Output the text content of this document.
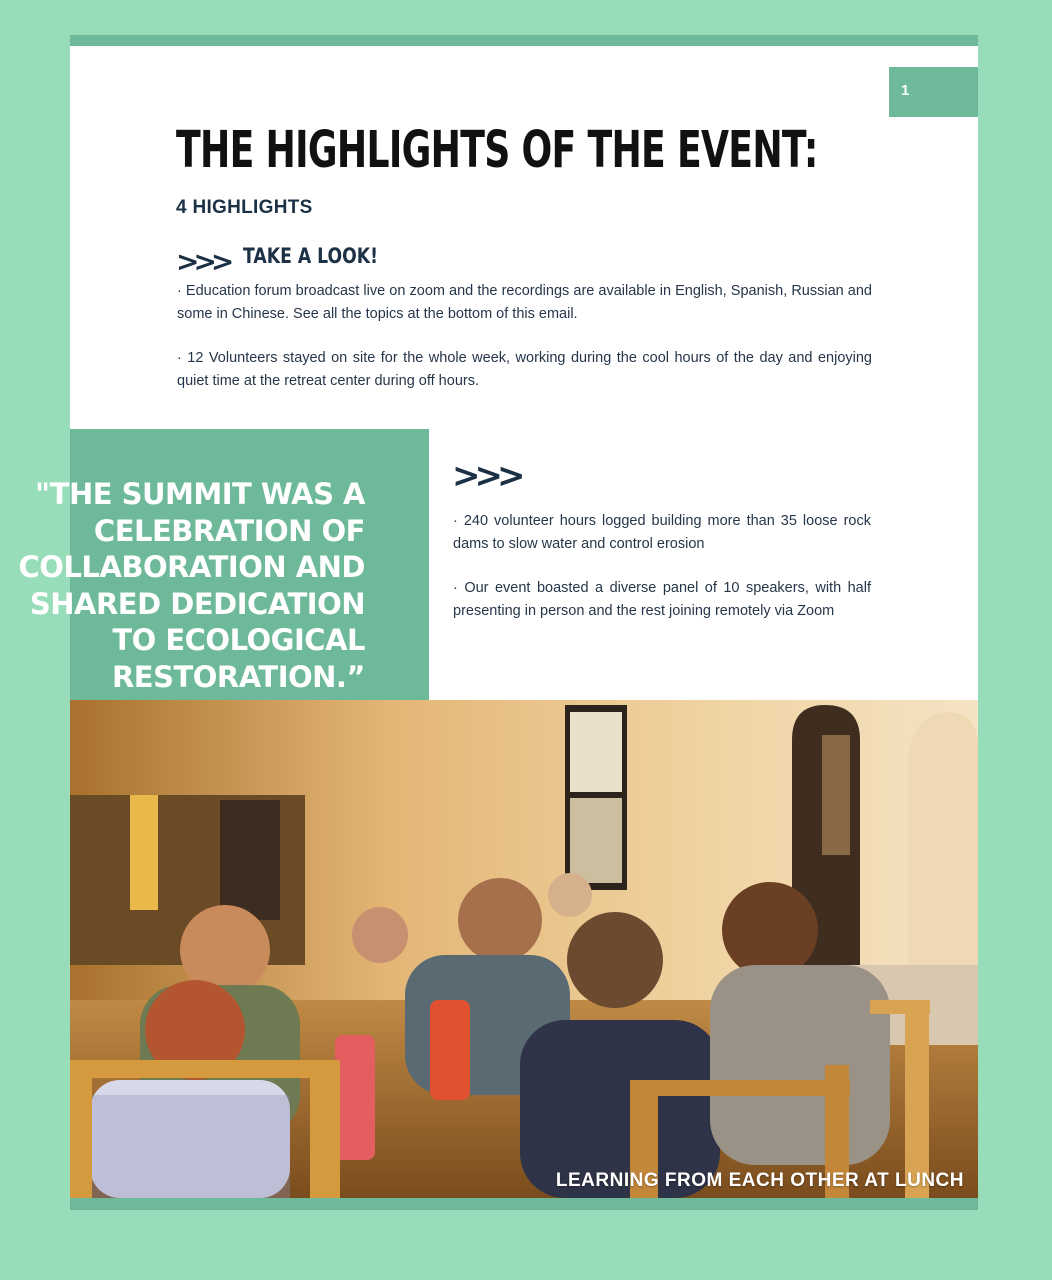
1
THE HIGHLIGHTS OF THE EVENT:
4 HIGHLIGHTS
>>> TAKE A LOOK!

· Education forum broadcast live on zoom and the recordings are available in English, Spanish, Russian and some in Chinese. See all the topics at the bottom of this email.

· 12 Volunteers stayed on site for the whole week, working during the cool hours of the day and enjoying quiet time at the retreat center during off hours.

"THE SUMMIT WAS A CELEBRATION OF COLLABORATION AND SHARED DEDICATION TO ECOLOGICAL RESTORATION.”

>>>

· 240 volunteer hours logged building more than 35 loose rock dams to slow water and control erosion

· Our event boasted a diverse panel of 10 speakers, with half presenting in person and the rest joining remotely via Zoom

LEARNING FROM EACH OTHER AT LUNCH
